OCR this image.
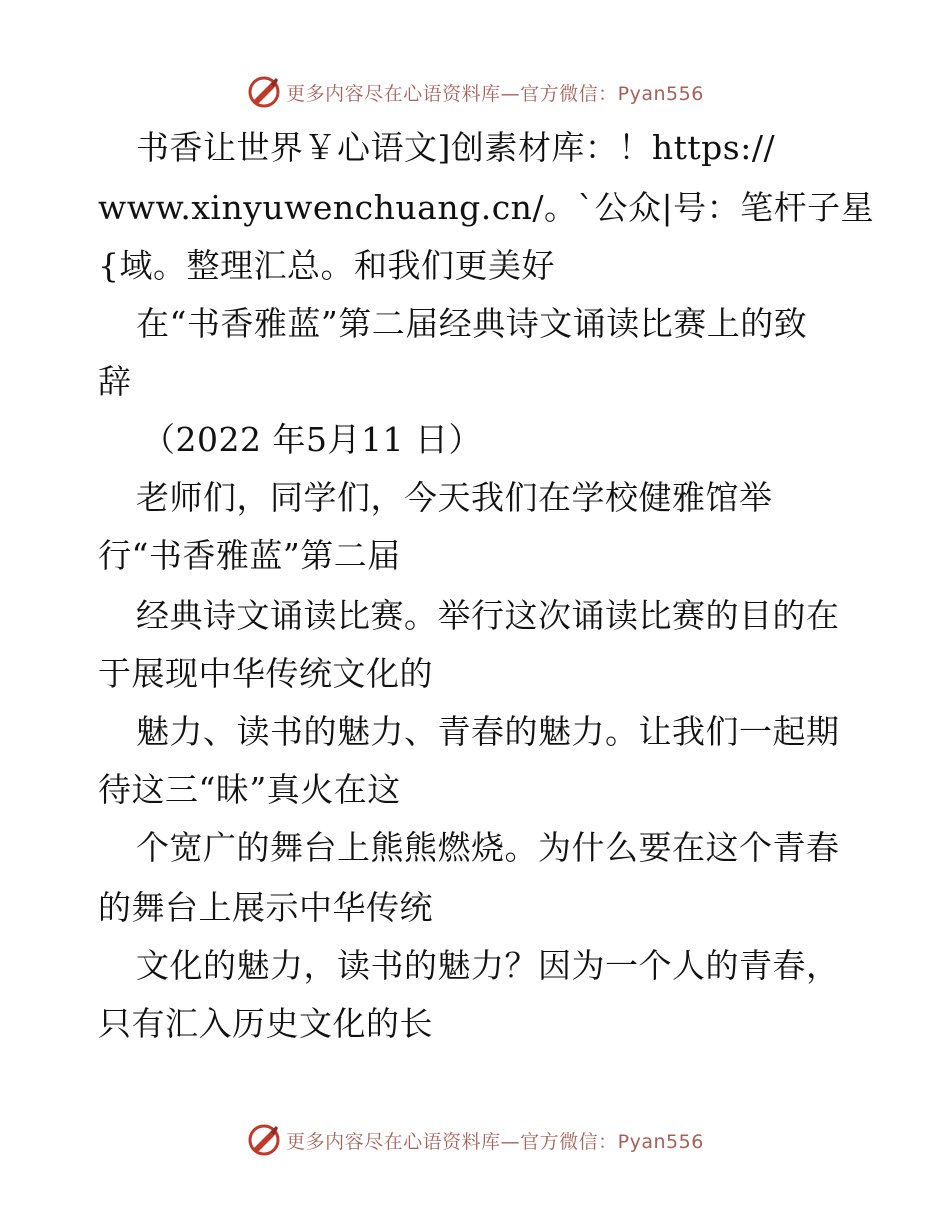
更多内容尽在心语资料库—官方微信：Pyan556
书香让世界￥心语文]创素材库：！https://
www.xinyuwenchuang.cn/。`公众|号：笔杆子星
{域。整理汇总。和我们更美好
在“书香雅蓝”第二届经典诗文诵读比赛上的致
辞
（2022 年5月11 日）
老师们，同学们，今天我们在学校健雅馆举
行“书香雅蓝”第二届
经典诗文诵读比赛。举行这次诵读比赛的目的在
于展现中华传统文化的
魅力、读书的魅力、青春的魅力。让我们一起期
待这三“昧”真火在这
个宽广的舞台上熊熊燃烧。为什么要在这个青春
的舞台上展示中华传统
文化的魅力，读书的魅力？因为一个人的青春，
只有汇入历史文化的长
更多内容尽在心语资料库—官方微信：Pyan556
